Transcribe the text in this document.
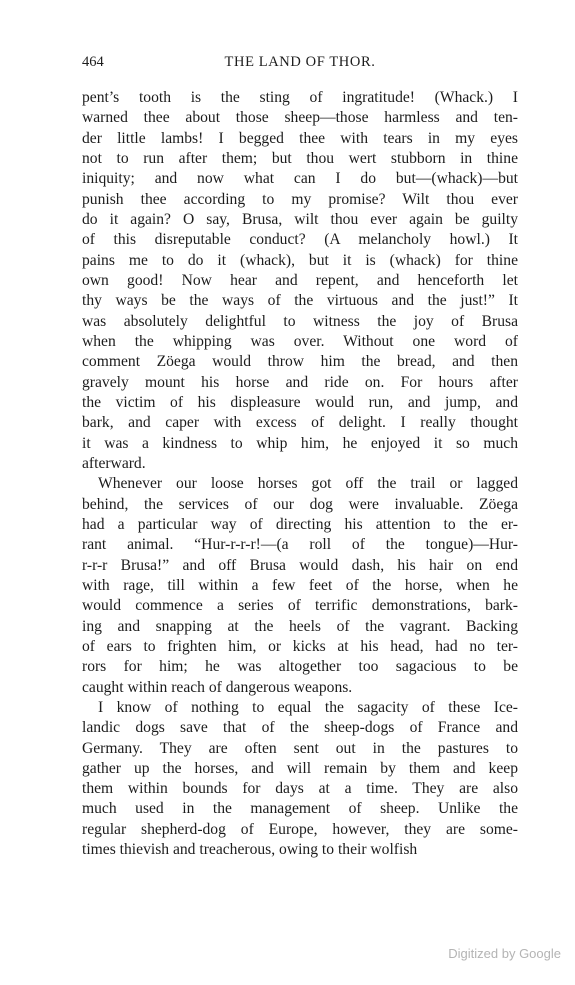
464	THE LAND OF THOR.
pent’s tooth is the sting of ingratitude! (Whack.) I
warned thee about those sheep—those harmless and ten-
der little lambs! I begged thee with tears in my eyes
not to run after them; but thou wert stubborn in thine
iniquity; and now what can I do but—(whack)—but
punish thee according to my promise? Wilt thou ever
do it again? O say, Brusa, wilt thou ever again be guilty
of this disreputable conduct? (A melancholy howl.) It
pains me to do it (whack), but it is (whack) for thine
own good! Now hear and repent, and henceforth let
thy ways be the ways of the virtuous and the just!” It
was absolutely delightful to witness the joy of Brusa
when the whipping was over. Without one word of
comment Zöega would throw him the bread, and then
gravely mount his horse and ride on. For hours after
the victim of his displeasure would run, and jump, and
bark, and caper with excess of delight. I really thought
it was a kindness to whip him, he enjoyed it so much
afterward.
Whenever our loose horses got off the trail or lagged
behind, the services of our dog were invaluable. Zöega
had a particular way of directing his attention to the er-
rant animal. “Hur-r-r-r!—(a roll of the tongue)—Hur-
r-r-r Brusa!” and off Brusa would dash, his hair on end
with rage, till within a few feet of the horse, when he
would commence a series of terrific demonstrations, bark-
ing and snapping at the heels of the vagrant. Backing
of ears to frighten him, or kicks at his head, had no ter-
rors for him; he was altogether too sagacious to be
caught within reach of dangerous weapons.
I know of nothing to equal the sagacity of these Ice-
landic dogs save that of the sheep-dogs of France and
Germany. They are often sent out in the pastures to
gather up the horses, and will remain by them and keep
them within bounds for days at a time. They are also
much used in the management of sheep. Unlike the
regular shepherd-dog of Europe, however, they are some-
times thievish and treacherous, owing to their wolfish
Digitized by Google
